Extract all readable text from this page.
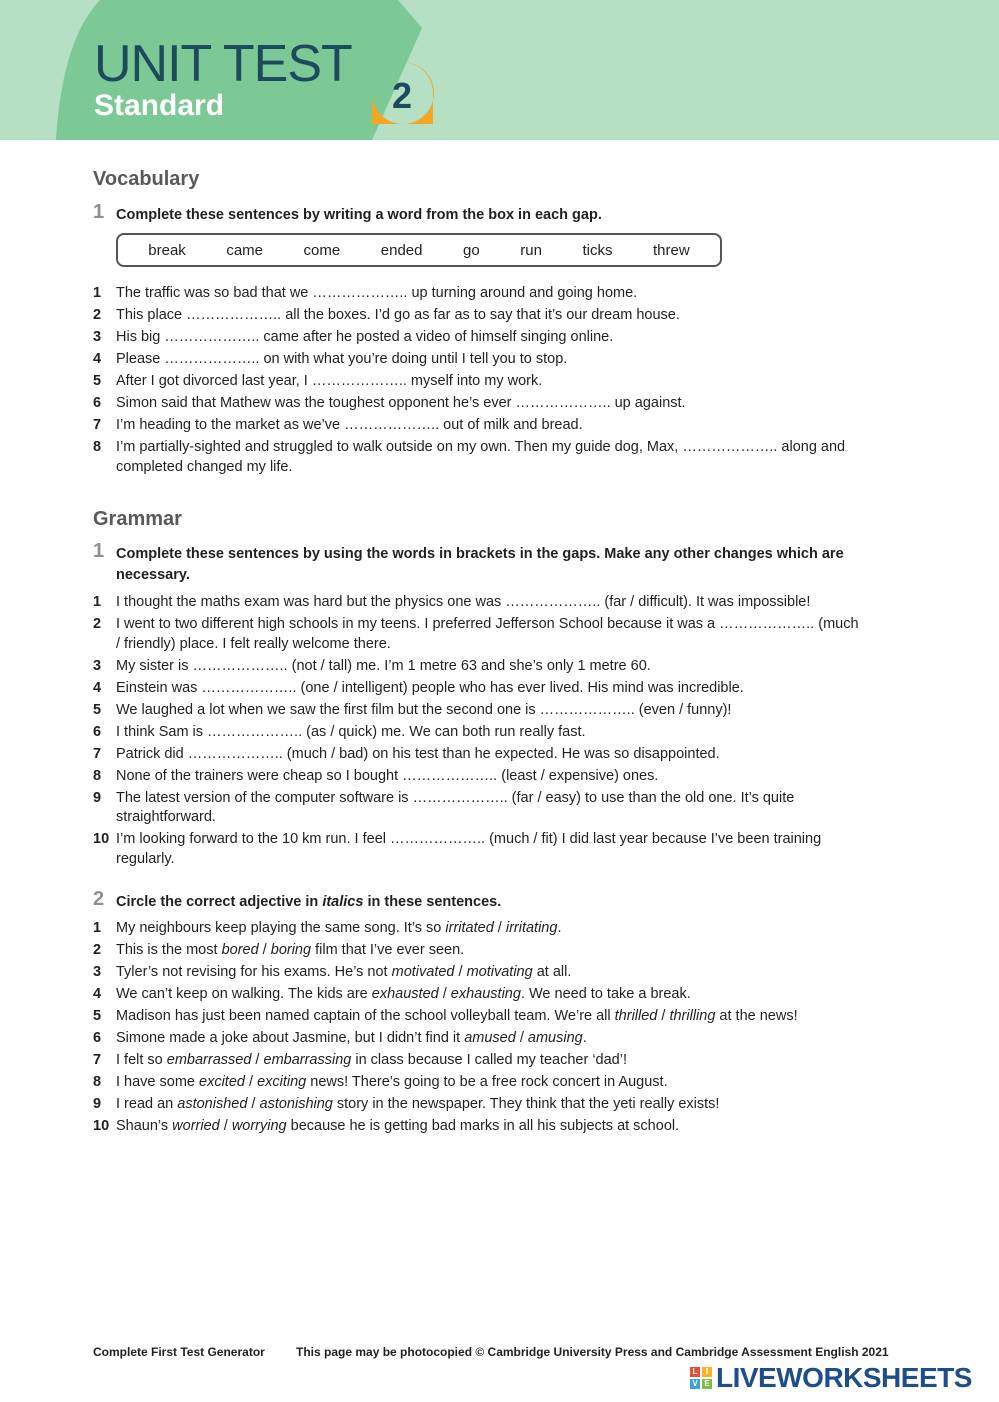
UNIT TEST
Standard	2
Vocabulary
1 Complete these sentences by writing a word from the box in each gap.
break	came	come	ended	go	run	ticks	threw
1	The traffic was so bad that we ……………….. up turning around and going home.
2	This place ……………….. all the boxes. I’d go as far as to say that it’s our dream house.
3	His big ……………….. came after he posted a video of himself singing online.
4	Please ……………….. on with what you’re doing until I tell you to stop.
5	After I got divorced last year, I ……………….. myself into my work.
6	Simon said that Mathew was the toughest opponent he’s ever ……………….. up against.
7	I’m heading to the market as we’ve ……………….. out of milk and bread.
8	I’m partially-sighted and struggled to walk outside on my own. Then my guide dog, Max, ……………….. along and completed changed my life.
Grammar
1 Complete these sentences by using the words in brackets in the gaps. Make any other changes which are necessary.
1	I thought the maths exam was hard but the physics one was ……………….. (far / difficult). It was impossible!
2	I went to two different high schools in my teens. I preferred Jefferson School because it was a ……………….. (much / friendly) place. I felt really welcome there.
3	My sister is ……………….. (not / tall) me. I’m 1 metre 63 and she’s only 1 metre 60.
4	Einstein was ……………….. (one / intelligent) people who has ever lived. His mind was incredible.
5	We laughed a lot when we saw the first film but the second one is ……………….. (even / funny)!
6	I think Sam is ……………….. (as / quick) me. We can both run really fast.
7	Patrick did ……………….. (much / bad) on his test than he expected. He was so disappointed.
8	None of the trainers were cheap so I bought ……………….. (least / expensive) ones.
9	The latest version of the computer software is ……………….. (far / easy) to use than the old one. It’s quite straightforward.
10 I’m looking forward to the 10 km run. I feel ……………….. (much / fit) I did last year because I’ve been training regularly.
2 Circle the correct adjective in italics in these sentences.
1	My neighbours keep playing the same song. It’s so irritated / irritating.
2	This is the most bored / boring film that I’ve ever seen.
3	Tyler’s not revising for his exams. He’s not motivated / motivating at all.
4	We can’t keep on walking. The kids are exhausted / exhausting. We need to take a break.
5	Madison has just been named captain of the school volleyball team. We’re all thrilled / thrilling at the news!
6	Simone made a joke about Jasmine, but I didn’t find it amused / amusing.
7	I felt so embarrassed / embarrassing in class because I called my teacher ‘dad’!
8	I have some excited / exciting news! There’s going to be a free rock concert in August.
9	I read an astonished / astonishing story in the newspaper. They think that the yeti really exists!
10 Shaun’s worried / worrying because he is getting bad marks in all his subjects at school.
Complete First Test Generator	This page may be photocopied © Cambridge University Press and Cambridge Assessment English 2021
L	I
V E LIVEWORKSHEETS
